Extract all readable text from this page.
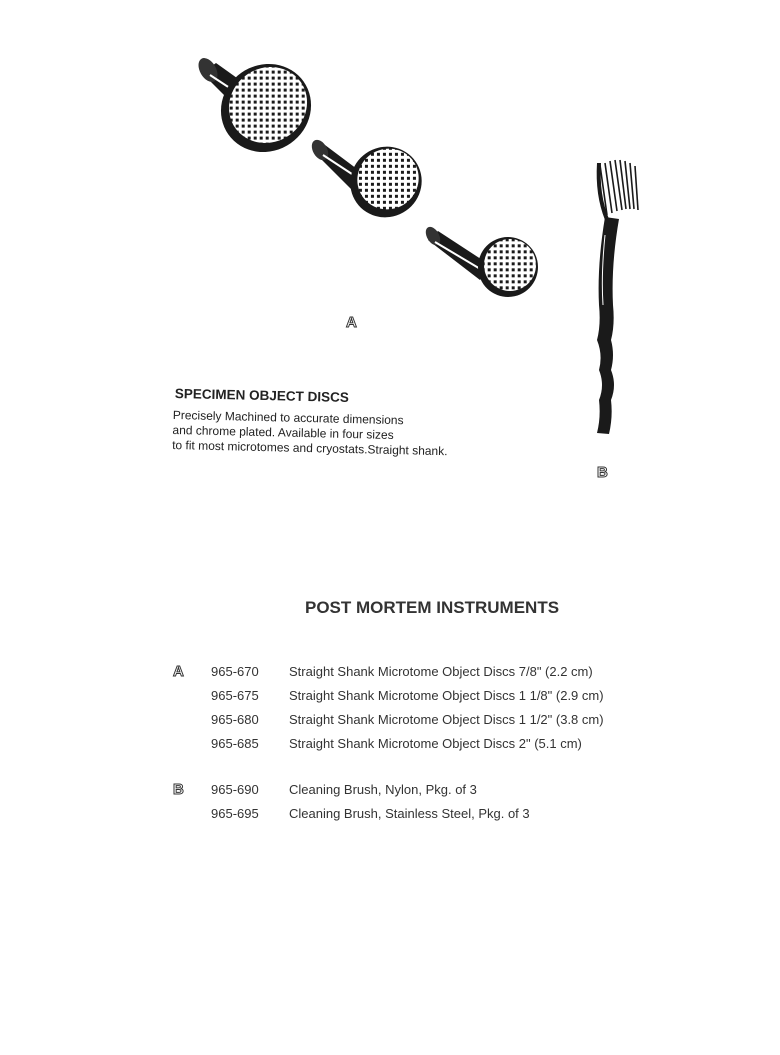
A
B
SPECIMEN OBJECT DISCS
Precisely Machined to accurate dimensions
and chrome plated. Available in four sizes
to fit most microtomes and cryostats.Straight shank.
POST MORTEM INSTRUMENTS
A 965-670 Straight Shank Microtome Object Discs 7/8" (2.2 cm)
965-675 Straight Shank Microtome Object Discs 1 1/8" (2.9 cm)
965-680 Straight Shank Microtome Object Discs 1 1/2" (3.8 cm)
965-685 Straight Shank Microtome Object Discs 2" (5.1 cm)
B 965-690 Cleaning Brush, Nylon, Pkg. of 3
965-695 Cleaning Brush, Stainless Steel, Pkg. of 3
